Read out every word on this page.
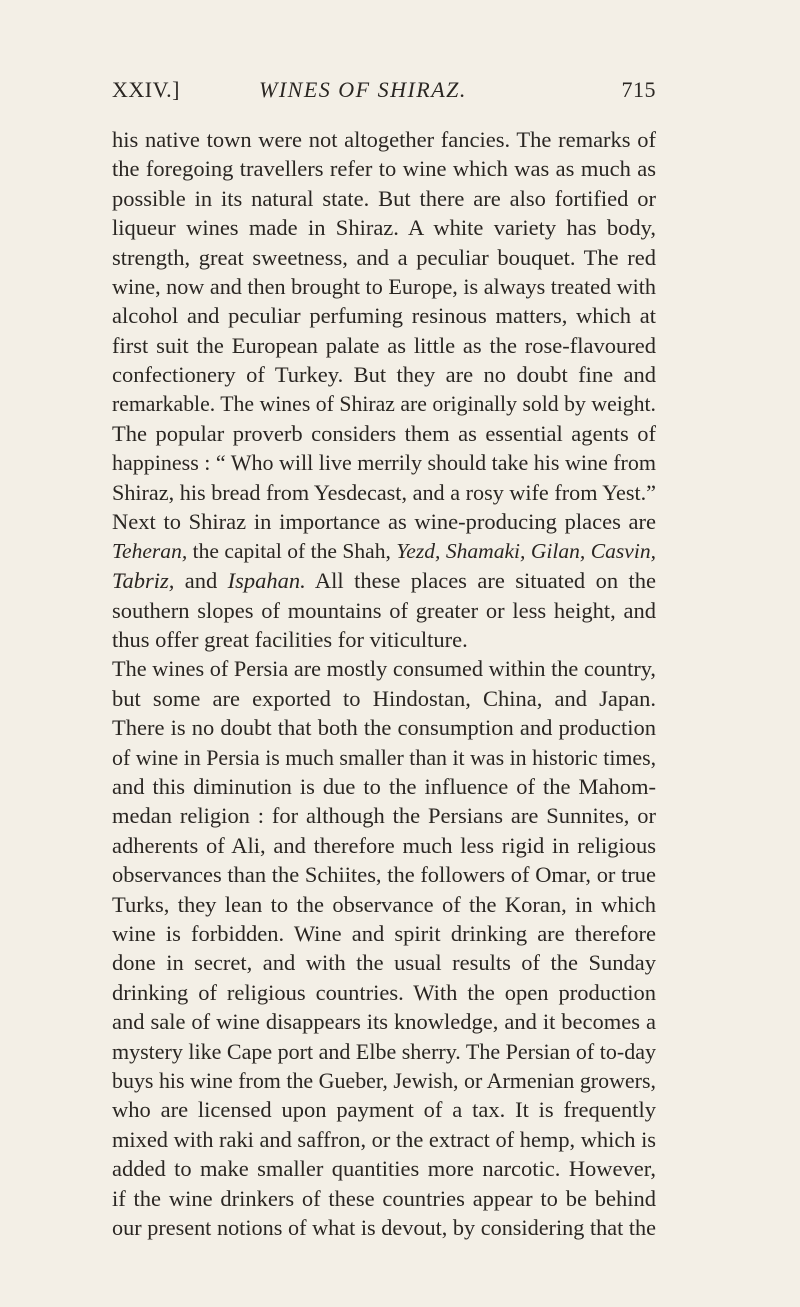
XXIV.]	WINES OF SHIRAZ.	715
his native town were not altogether fancies. The remarks of
the foregoing travellers refer to wine which was as much as
possible in its natural state. But there are also fortified or
liqueur wines made in Shiraz. A white variety has body,
strength, great sweetness, and a peculiar bouquet. The red
wine, now and then brought to Europe, is always treated with
alcohol and peculiar perfuming resinous matters, which at
first suit the European palate as little as the rose-flavoured
confectionery of Turkey. But they are no doubt fine and
remarkable. The wines of Shiraz are originally sold by weight.
The popular proverb considers them as essential agents of
happiness : “ Who will live merrily should take his wine from
Shiraz, his bread from Yesdecast, and a rosy wife from Yest.”
Next to Shiraz in importance as wine-producing places are
Teheran, the capital of the Shah, Yezd, Shamaki, Gilan, Casvin,
Tabriz, and Ispahan. All these places are situated on the
southern slopes of mountains of greater or less height, and
thus offer great facilities for viticulture.
The wines of Persia are mostly consumed within the country,
but some are exported to Hindostan, China, and Japan.
There is no doubt that both the consumption and production
of wine in Persia is much smaller than it was in historic times,
and this diminution is due to the influence of the Mahom-
medan religion : for although the Persians are Sunnites, or
adherents of Ali, and therefore much less rigid in religious
observances than the Schiites, the followers of Omar, or true
Turks, they lean to the observance of the Koran, in which
wine is forbidden. Wine and spirit drinking are therefore
done in secret, and with the usual results of the Sunday
drinking of religious countries. With the open production
and sale of wine disappears its knowledge, and it becomes a
mystery like Cape port and Elbe sherry. The Persian of to-day
buys his wine from the Gueber, Jewish, or Armenian growers,
who are licensed upon payment of a tax. It is frequently
mixed with raki and saffron, or the extract of hemp, which is
added to make smaller quantities more narcotic. However,
if the wine drinkers of these countries appear to be behind
our present notions of what is devout, by considering that the
